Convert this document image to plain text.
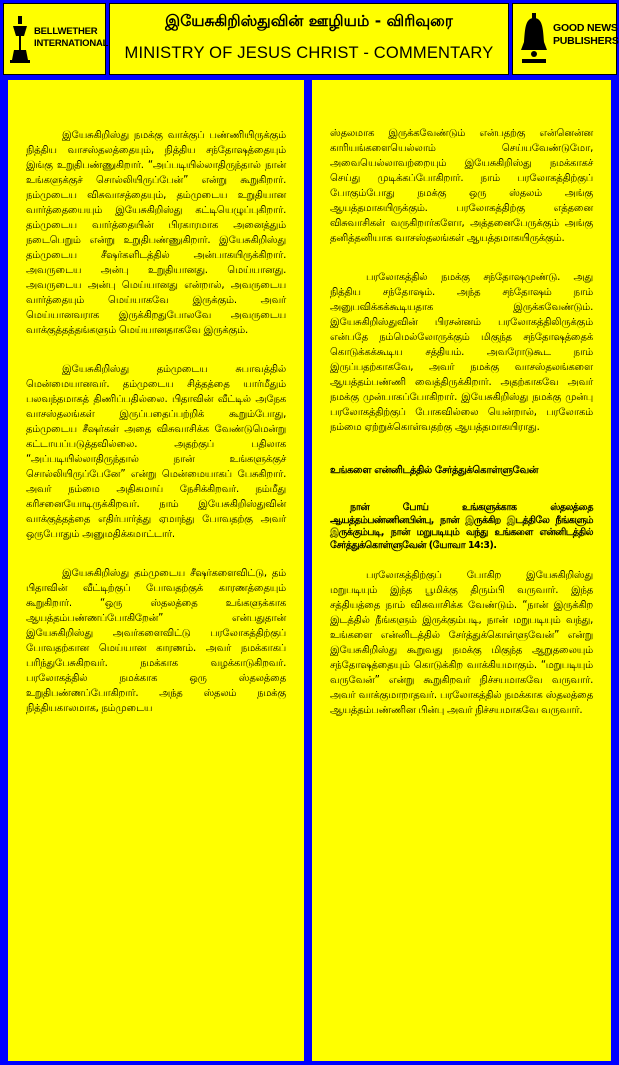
BELLWETHER
INTERNATIONAL
இயேசுகிறிஸ்துவின் ஊழியம் - விரிவுரை
MINISTRY OF JESUS CHRIST - COMMENTARY
GOOD NEWS
PUBLISHERS

இயேசுகிறிஸ்து நமக்கு வாக்குப் பண்ணியிருக்கும் நித்திய வாசஸ்தலத்தையும், நித்திய சந்தோஷத்தையும் இங்கு உறுதிபண்ணுகிறார். “அப்படியில்லாதிருந்தால் நான் உங்களுக்குச் சொல்லியிருப்பேன்” என்று கூறுகிறார். நம்முடைய விசுவாசத்தையும், தம்முடைய உறுதியான வார்த்தையையும் இயேசுகிறிஸ்து கட்டியெழுப்புகிறார். தம்முடைய வார்த்தையின் பிரகாரமாக அனைத்தும் நடைபெறும் என்று உறுதிபண்ணுகிறார். இயேசுகிறிஸ்து தம்முடைய சீஷர்களிடத்தில் அன்பாகயிருக்கிறார். அவருடைய அன்பு உறுதியானது. மெய்யானது. அவருடைய அன்பு மெய்யானது என்றால், அவருடைய வார்த்தையும் மெய்யாகவே இருக்கும். அவர் மெய்யானவராக இருக்கிறதுபோலவே அவருடைய வாக்குத்தத்தங்களும் மெய்யானதாகவே இருக்கும்.

இயேசுகிறிஸ்து தம்முடைய சுபாவத்தில் மென்மையானவர். தம்முடைய சித்தத்தை யார்மீதும் பலவந்தமாகத் திணிப்பதில்லை. பிதாவின் வீட்டில் அநேக வாசஸ்தலங்கள் இருப்பதைப்பற்றிக் கூறும்போது, தம்முடைய சீஷர்கள் அதை விசுவாசிக்க வேண்டுமென்று கட்டாயப்படுத்தவில்லை. அதற்குப் பதிலாக “அப்படியில்லாதிருந்தால் நான் உங்களுக்குச் சொல்லியிருப்பேனே” என்று மென்மையாகப் பேசுகிறார். அவர் நம்மை அதிகமாய் நேசிக்கிறவர். நம்மீது கரிசனையோடிருக்கிறவர். நாம் இயேசுகிறிஸ்துவின் வாக்குத்தத்தை எதிர்பார்த்து ஏமாந்து போவதற்கு அவர் ஒருபோதும் அனுமதிக்கமாட்டார்.

இயேசுகிறிஸ்து தம்முடைய சீஷர்களைவிட்டு, தம் பிதாவின் வீட்டிற்குப் போவதற்குக் காரணத்தையும் கூறுகிறார். “ஒரு ஸ்தலத்தை உங்களுக்காக ஆயத்தம்பண்ணப்போகிறேன்” என்பதுதான் இயேசுகிறிஸ்து அவர்களைவிட்டு பரலோகத்திற்குப் போவதற்கான மெய்யான காரணம். அவர் நமக்காகப் பரிந்துபேசுகிறவர். நமக்காக வழக்காடுகிறவர். பரலோகத்தில் நமக்காக ஒரு ஸ்தலத்தை உறுதிபண்ணப்போகிறார். அந்த ஸ்தலம் நமக்கு நித்தியகாலமாக, நம்முடைய

ஸ்தலமாக இருக்கவேண்டும் என்பதற்கு என்னென்ன காரியங்களையெல்லாம் செய்யவேண்டுமோ, அவையெல்லாவற்றையும் இயேசுகிறிஸ்து நமக்காகச் செய்து முடிக்கப்போகிறார். நாம் பரலோகத்திற்குப் போகும்போது நமக்கு ஒரு ஸ்தலம் அங்கு ஆயத்தமாகயிருக்கும். பரலோகத்திற்கு எத்தனை விசுவாசிகள் வருகிறார்களோ, அத்தனைபேருக்கும் அங்கு தனித்தனியாக வாசஸ்தலங்கள் ஆயத்தமாகயிருக்கும்.

பரலோகத்தில் நமக்கு சந்தோஷமுண்டு. அது நித்திய சந்தோஷம். அந்த சந்தோஷம் நாம் அனுபவிக்கக்கூடியதாக இருக்கவேண்டும். இயேசுகிறிஸ்துவின் பிரசன்னம் பரலோகத்திலிருக்கும் என்பதே நம்மெல்லோருக்கும் மிகுந்த சந்தோஷத்தைக் கொடுக்கக்கூடிய சத்தியம். அவரோடுகூட நாம் இருப்பதற்காகவே, அவர் நமக்கு வாசஸ்தலங்களை ஆயத்தம்பண்ணி வைத்திருக்கிறார். அதற்காகவே அவர் நமக்கு முன்பாகப்போகிறார். இயேசுகிறிஸ்து நமக்கு முன்பு பரலோகத்திற்குப் போகவில்லை யென்றால், பரலோகம் நம்மை ஏற்றுக்கொள்வதற்கு ஆயத்தமாகயிராது.

உங்களை என்னிடத்தில் சேர்த்துக்கொள்ளுவேன்

நான் போய் உங்களுக்காக ஸ்தலத்தை ஆயத்தம்பண்ணினபின்பு, நான் இருக்கிற இடத்திலே நீங்களும் இருக்கும்படி, நான் மறுபடியும் வந்து உங்களை என்னிடத்தில் சேர்த்துக்கொள்ளுவேன் (யோவா 14:3).

பரலோகத்திற்குப் போகிற இயேசுகிறிஸ்து மறுபடியும் இந்த பூமிக்கு திரும்பி வருவார். இந்த சத்தியத்தை நாம் விசுவாசிக்க வேண்டும். “நான் இருக்கிற இடத்தில் நீங்களும் இருக்கும்படி, நான் மறுபடியும் வந்து, உங்களை என்னிடத்தில் சேர்த்துக்கொள்ளுவேன்” என்று இயேசுகிறிஸ்து கூறுவது நமக்கு மிகுந்த ஆறுதலையும் சந்தோஷத்தையும் கொடுக்கிற வாக்கியமாகும். “மறுபடியும் வருவேன்” என்று கூறுகிறவர் நிச்சயமாகவே வருவார். அவர் வாக்குமாறாதவர். பரலோகத்தில் நமக்காக ஸ்தலத்தை ஆயத்தம்பண்ணின பின்பு அவர் நிச்சயமாகவே வருவார்.
